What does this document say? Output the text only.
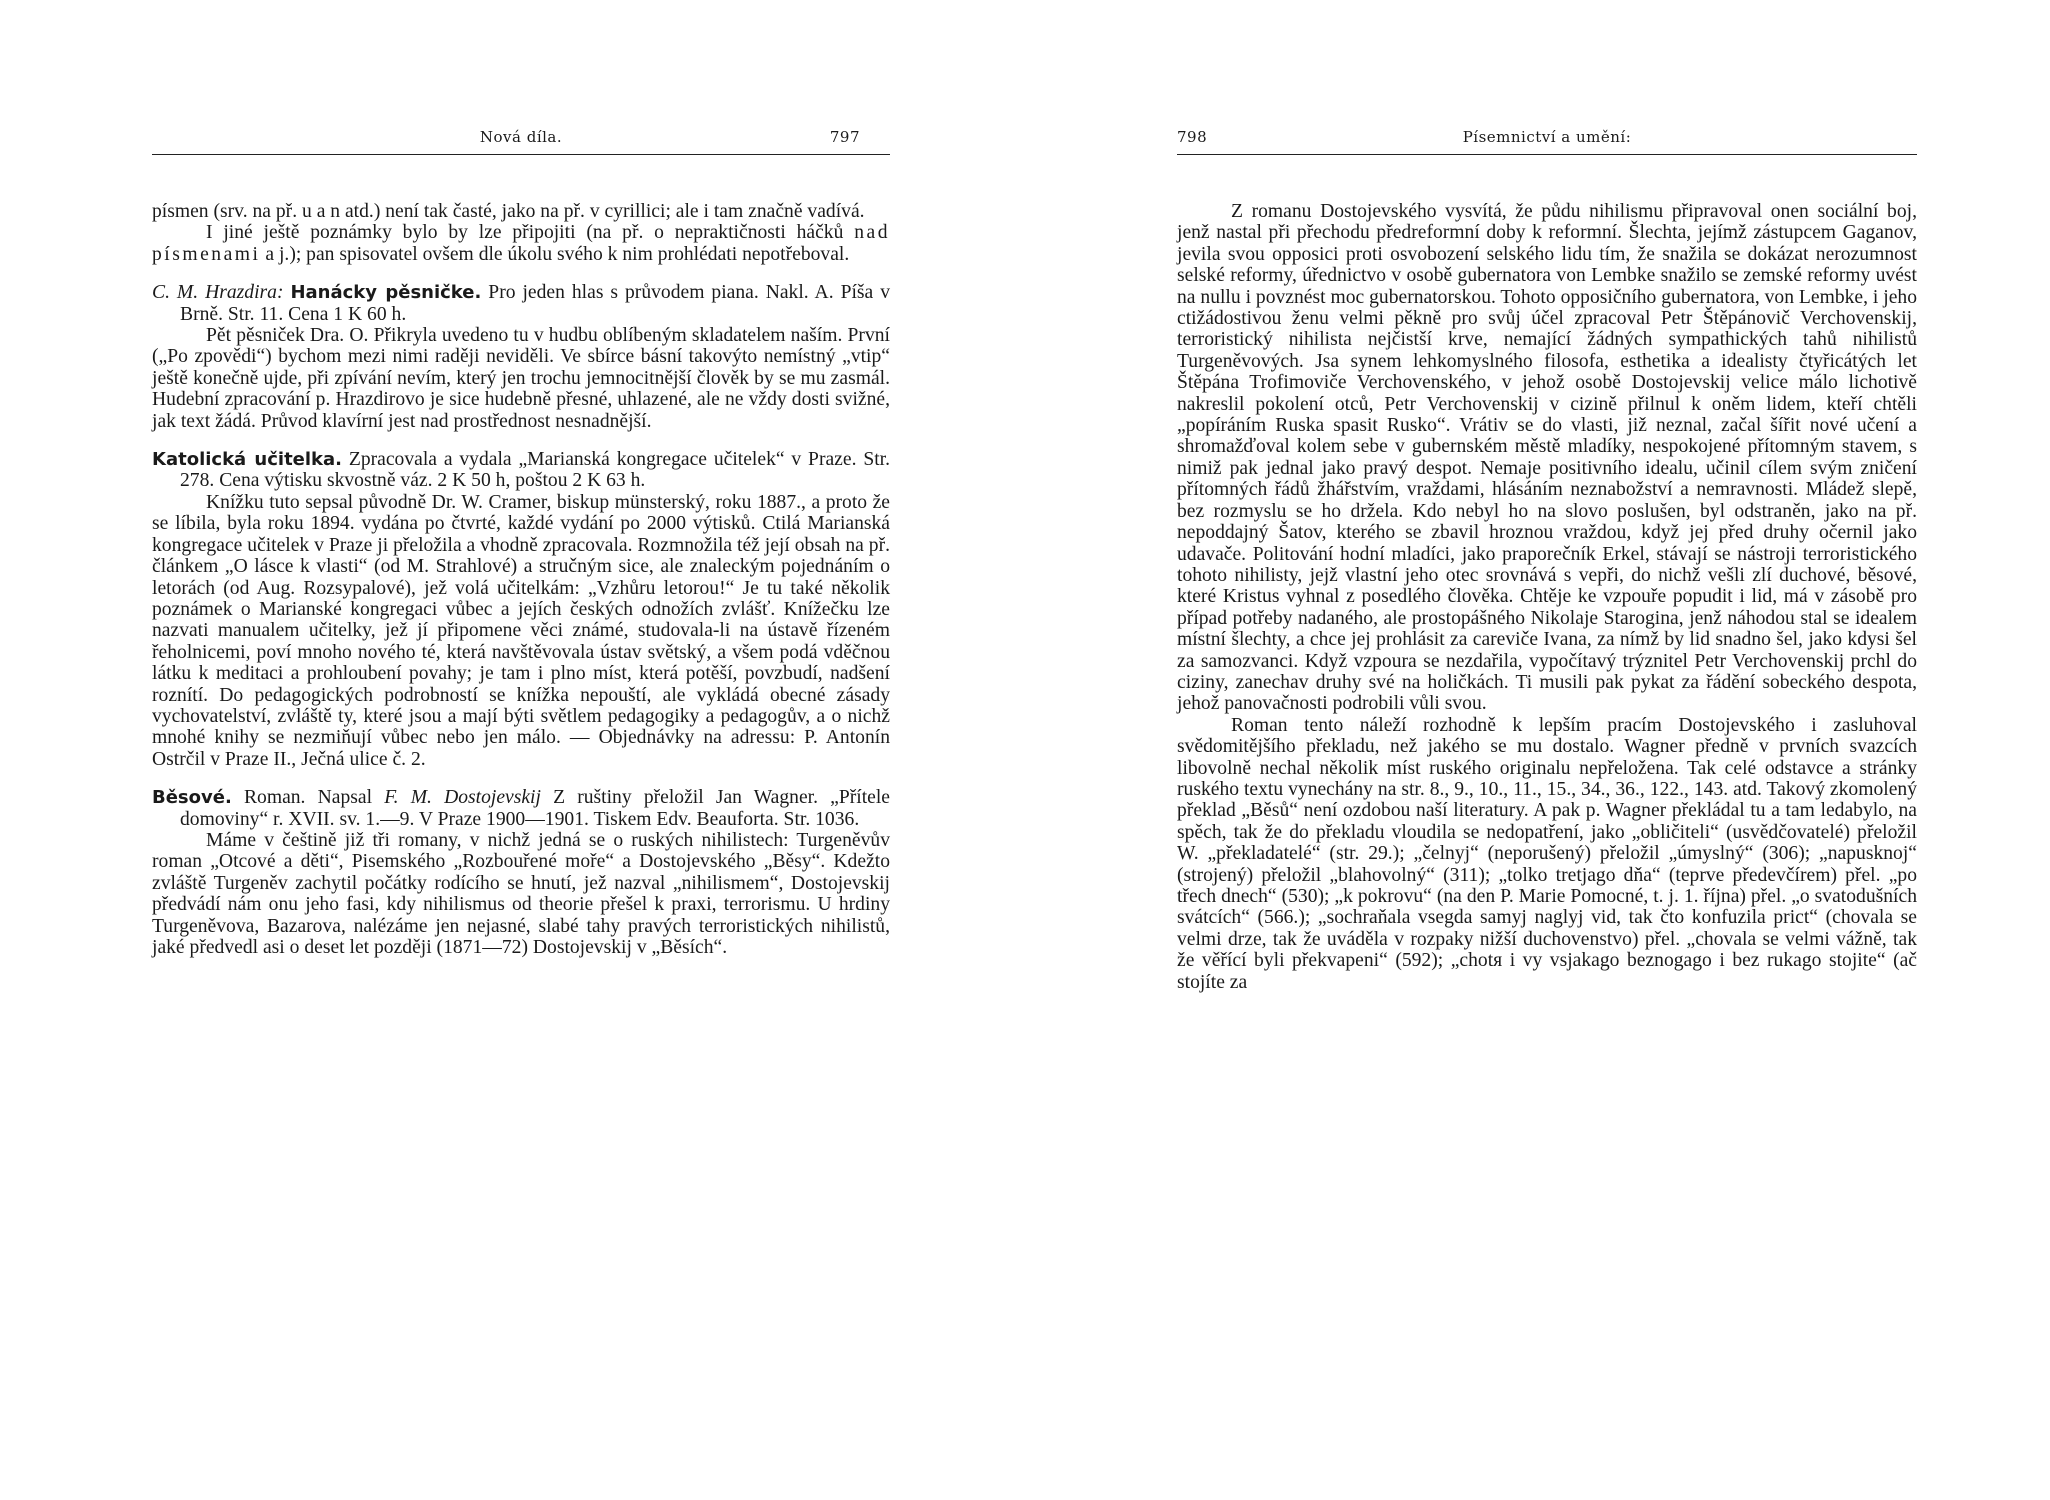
Nová díla.	797

písmen (srv. na př. u a n atd.) není tak časté, jako na př. v cyrillici; ale i tam značně vadívá.

I jiné ještě poznámky bylo by lze připojiti (na př. o nepraktičnosti háčků nad písmenami a j.); pan spisovatel ovšem dle úkolu svého k nim prohlédati nepotřeboval.

C. M. Hrazdira: Hanácky pěsničke. Pro jeden hlas s průvodem piana. Nakl. A. Píša v Brně. Str. 11. Cena 1 K 60 h.

Pět pěsniček Dra. O. Přikryla uvedeno tu v hudbu oblíbeným skladatelem naším. První („Po zpovědi“) bychom mezi nimi raději neviděli. Ve sbírce básní takovýto nemístný „vtip“ ještě konečně ujde, při zpívání nevím, který jen trochu jemnocitnější člověk by se mu zasmál. Hudební zpracování p. Hrazdirovo je sice hudebně přesné, uhlazené, ale ne vždy dosti svižné, jak text žádá. Průvod klavírní jest nad prostřednost nesnadnější.

Katolická učitelka. Zpracovala a vydala „Marianská kongregace učitelek“ v Praze. Str. 278. Cena výtisku skvostně váz. 2 K 50 h, poštou 2 K 63 h.

Knížku tuto sepsal původně Dr. W. Cramer, biskup münsterský, roku 1887., a proto že se líbila, byla roku 1894. vydána po čtvrté, každé vydání po 2000 výtisků. Ctilá Marianská kongregace učitelek v Praze ji přeložila a vhodně zpracovala. Rozmnožila též její obsah na př. článkem „O lásce k vlasti“ (od M. Strahlové) a stručným sice, ale znaleckým pojednáním o letorách (od Aug. Rozsypalové), jež volá učitelkám: „Vzhůru letorou!“ Je tu také několik poznámek o Marianské kongregaci vůbec a jejích českých odnožích zvlášť. Knížečku lze nazvati manualem učitelky, jež jí připomene věci známé, studovala-li na ústavě řízeném řeholnicemi, poví mnoho nového té, která navštěvovala ústav světský, a všem podá vděčnou látku k meditaci a prohloubení povahy; je tam i plno míst, která potěší, povzbudí, nadšení roznítí. Do pedagogických podrobností se knížka nepouští, ale vykládá obecné zásady vychovatelství, zvláště ty, které jsou a mají býti světlem pedagogiky a pedagogův, a o nichž mnohé knihy se nezmiňují vůbec nebo jen málo. — Objednávky na adressu: P. Antonín Ostrčil v Praze II., Ječná ulice č. 2.

Běsové. Roman. Napsal F. M. Dostojevskij Z ruštiny přeložil Jan Wagner. „Přítele domoviny“ r. XVII. sv. 1.—9. V Praze 1900—1901. Tiskem Edv. Beauforta. Str. 1036.

Máme v češtině již tři romany, v nichž jedná se o ruských nihilistech: Turgeněvův roman „Otcové a děti“, Pisemského „Rozbouřené moře“ a Dostojevského „Běsy“. Kdežto zvláště Turgeněv zachytil počátky rodícího se hnutí, jež nazval „nihilismem“, Dostojevskij předvádí nám onu jeho fasi, kdy nihilismus od theorie přešel k praxi, terrorismu. U hrdiny Turgeněvova, Bazarova, nalézáme jen nejasné, slabé tahy pravých terroristických nihilistů, jaké předvedl asi o deset let později (1871—72) Dostojevskij v „Běsích“.

798	Písemnictví a umění:

Z romanu Dostojevského vysvítá, že půdu nihilismu připravoval onen sociální boj, jenž nastal při přechodu předreformní doby k reformní. Šlechta, jejímž zástupcem Gaganov, jevila svou opposici proti osvobození selského lidu tím, že snažila se dokázat nerozumnost selské reformy, úřednictvo v osobě gubernatora von Lembke snažilo se zemské reformy uvést na nullu i povznést moc gubernatorskou. Tohoto opposičního gubernatora, von Lembke, i jeho ctižádostivou ženu velmi pěkně pro svůj účel zpracoval Petr Štěpánovič Verchovenskij, terroristický nihilista nejčistší krve, nemající žádných sympathických tahů nihilistů Turgeněvových. Jsa synem lehkomyslného filosofa, esthetika a idealisty čtyřicátých let Štěpána Trofimoviče Verchovenského, v jehož osobě Dostojevskij velice málo lichotivě nakreslil pokolení otců, Petr Verchovenskij v cizině přilnul k oněm lidem, kteří chtěli „popíráním Ruska spasit Rusko“. Vrátiv se do vlasti, již neznal, začal šířit nové učení a shromažďoval kolem sebe v gubernském městě mladíky, nespokojené přítomným stavem, s nimiž pak jednal jako pravý despot. Nemaje positivního idealu, učinil cílem svým zničení přítomných řádů žhářstvím, vraždami, hlásáním neznabožství a nemravnosti. Mládež slepě, bez rozmyslu se ho držela. Kdo nebyl ho na slovo poslušen, byl odstraněn, jako na př. nepoddajný Šatov, kterého se zbavil hroznou vraždou, když jej před druhy očernil jako udavače. Politování hodní mladíci, jako praporečník Erkel, stávají se nástroji terroristického tohoto nihilisty, jejž vlastní jeho otec srovnává s vepři, do nichž vešli zlí duchové, běsové, které Kristus vyhnal z posedlého člověka. Chtěje ke vzpouře popudit i lid, má v zásobě pro případ potřeby nadaného, ale prostopášného Nikolaje Starogina, jenž náhodou stal se idealem místní šlechty, a chce jej prohlásit za careviče Ivana, za nímž by lid snadno šel, jako kdysi šel za samozvanci. Když vzpoura se nezdařila, vypočítavý trýznitel Petr Verchovenskij prchl do ciziny, zanechav druhy své na holičkách. Ti musili pak pykat za řádění sobeckého despota, jehož panovačnosti podrobili vůli svou.

Roman tento náleží rozhodně k lepším pracím Dostojevského i zasluhoval svědomitějšího překladu, než jakého se mu dostalo. Wagner předně v prvních svazcích libovolně nechal několik míst ruského originalu nepřeložena. Tak celé odstavce a stránky ruského textu vynechány na str. 8., 9., 10., 11., 15., 34., 36., 122., 143. atd. Takový zkomolený překlad „Běsů“ není ozdobou naší literatury. A pak p. Wagner překládal tu a tam ledabylo, na spěch, tak že do překladu vloudila se nedopatření, jako „obličiteli“ (usvědčovatelé) přeložil W. „překladatelé“ (str. 29.); „čelnyj“ (neporušený) přeložil „úmyslný“ (306); „napusknoj“ (strojený) přeložil „blahovolný“ (311); „tolko tretjago dňa“ (teprve předevčírem) přel. „po třech dnech“ (530); „k pokrovu“ (na den P. Marie Pomocné, t. j. 1. října) přel. „o svatodušních svátcích“ (566.); „sochraňala vsegda samyj naglyj vid, tak čto konfuzila prict“ (chovala se velmi drze, tak že uváděla v rozpaky nižší duchovenstvo) přel. „chovala se velmi vážně, tak že věřící byli překvapeni“ (592); „chotя i vy vsjakago beznogago i bez rukago stojite“ (ač stojíte za
